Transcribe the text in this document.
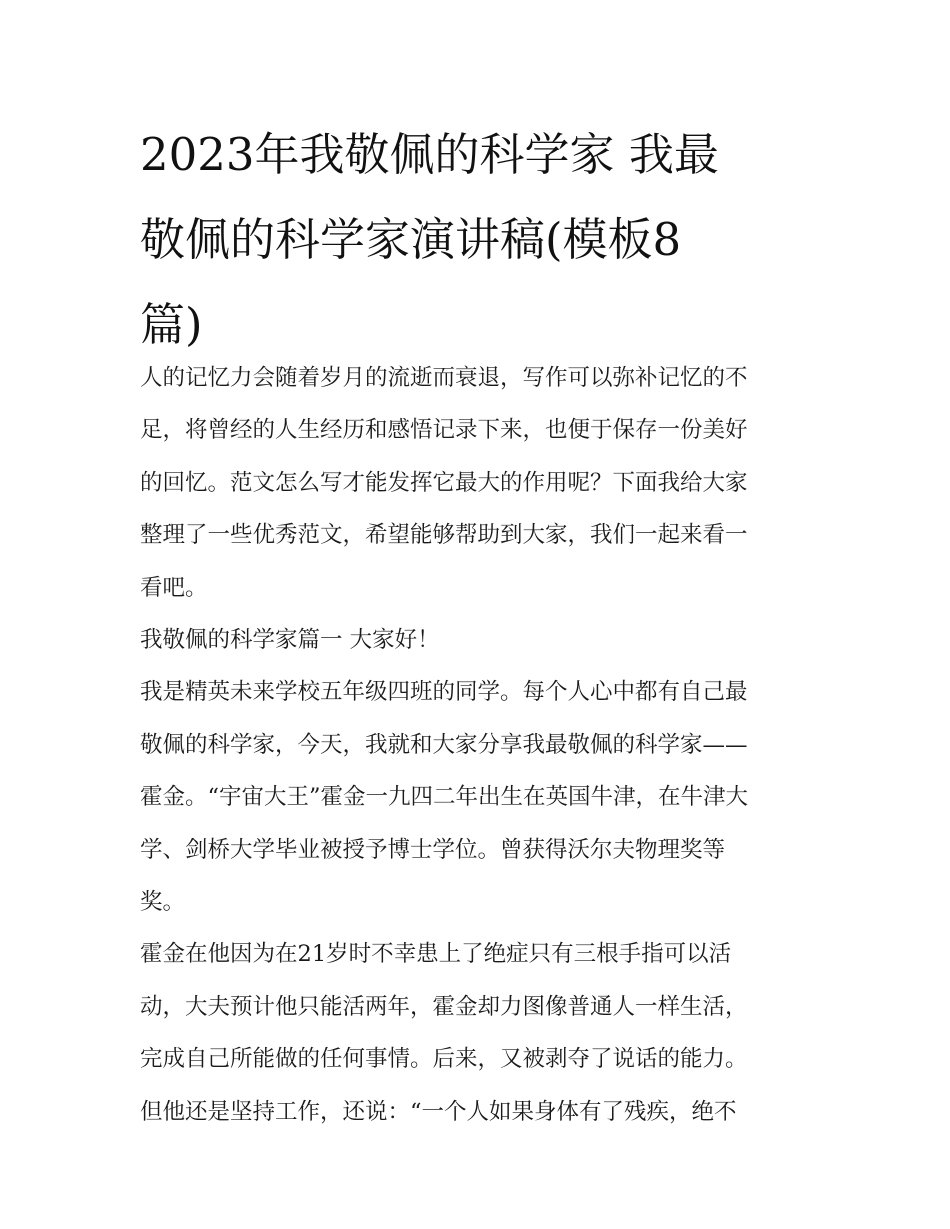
2023年我敬佩的科学家 我最
敬佩的科学家演讲稿(模板8
篇)

人的记忆力会随着岁月的流逝而衰退，写作可以弥补记忆的不
足，将曾经的人生经历和感悟记录下来，也便于保存一份美好
的回忆。范文怎么写才能发挥它最大的作用呢？下面我给大家
整理了一些优秀范文，希望能够帮助到大家，我们一起来看一
看吧。

我敬佩的科学家篇一 大家好！

我是精英未来学校五年级四班的同学。每个人心中都有自己最
敬佩的科学家，今天，我就和大家分享我最敬佩的科学家——
霍金。“宇宙大王”霍金一九四二年出生在英国牛津，在牛津大
学、剑桥大学毕业被授予博士学位。曾获得沃尔夫物理奖等
奖。

霍金在他因为在21岁时不幸患上了绝症只有三根手指可以活
动，大夫预计他只能活两年，霍金却力图像普通人一样生活，
完成自己所能做的任何事情。后来，又被剥夺了说话的能力。
但他还是坚持工作，还说：“一个人如果身体有了残疾，绝不
